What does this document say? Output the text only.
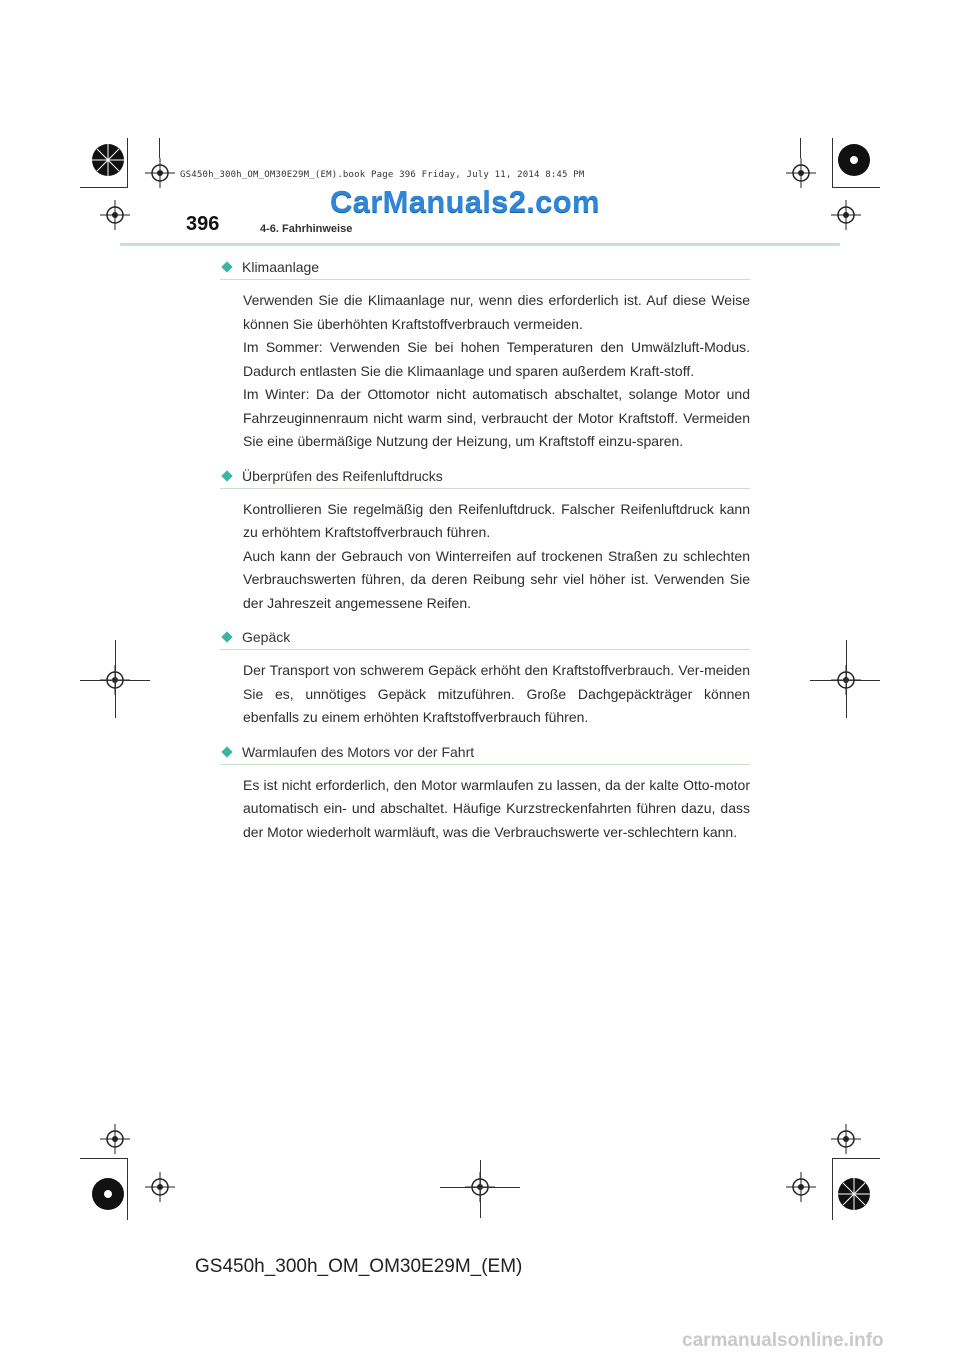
GS450h_300h_OM_OM30E29M_(EM).book Page 396 Friday, July 11, 2014 8:45 PM
CarManuals2.com
396	4-6. Fahrhinweise
Klimaanlage

Verwenden Sie die Klimaanlage nur, wenn dies erforderlich ist. Auf diese Weise können Sie überhöhten Kraftstoffverbrauch vermeiden.

Im Sommer: Verwenden Sie bei hohen Temperaturen den Umwälzluft-Modus. Dadurch entlasten Sie die Klimaanlage und sparen außerdem Kraft-stoff.

Im Winter: Da der Ottomotor nicht automatisch abschaltet, solange Motor und Fahrzeuginnenraum nicht warm sind, verbraucht der Motor Kraftstoff. Vermeiden Sie eine übermäßige Nutzung der Heizung, um Kraftstoff einzu-sparen.

Überprüfen des Reifenluftdrucks

Kontrollieren Sie regelmäßig den Reifenluftdruck. Falscher Reifenluftdruck kann zu erhöhtem Kraftstoffverbrauch führen.

Auch kann der Gebrauch von Winterreifen auf trockenen Straßen zu schlechten Verbrauchswerten führen, da deren Reibung sehr viel höher ist. Verwenden Sie der Jahreszeit angemessene Reifen.

Gepäck

Der Transport von schwerem Gepäck erhöht den Kraftstoffverbrauch. Ver-meiden Sie es, unnötiges Gepäck mitzuführen. Große Dachgepäckträger können ebenfalls zu einem erhöhten Kraftstoffverbrauch führen.

Warmlaufen des Motors vor der Fahrt

Es ist nicht erforderlich, den Motor warmlaufen zu lassen, da der kalte Otto-motor automatisch ein- und abschaltet. Häufige Kurzstreckenfahrten führen dazu, dass der Motor wiederholt warmläuft, was die Verbrauchswerte ver-schlechtern kann.

GS450h_300h_OM_OM30E29M_(EM)
carmanualsonline.info
